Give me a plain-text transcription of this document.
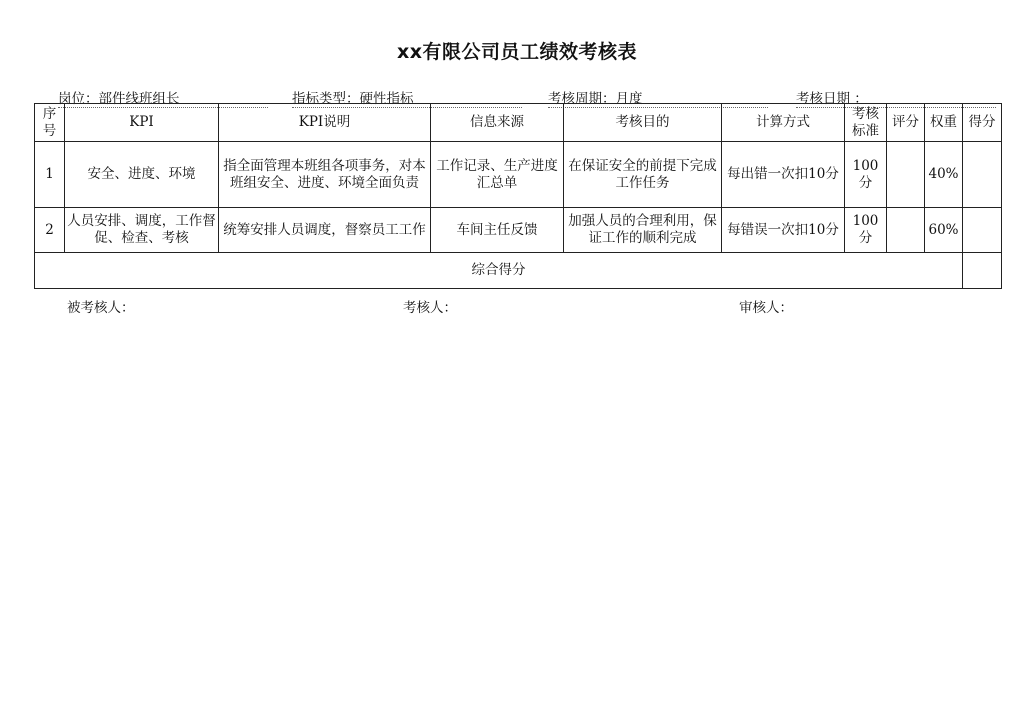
xx有限公司员工绩效考核表
岗位：部件线班组长	指标类型：硬性指标	考核周期：月度	考核日期 ：
序号	KPI	KPI说明	信息来源	考核目的	计算方式	考核标准	评分	权重	得分
1	安全、进度、环境	指全面管理本班组各项事务，对本班组安全、进度、环境全面负责	工作记录、生产进度汇总单	在保证安全的前提下完成工作任务	每出错一次扣10分	100分		40%	
2	人员安排、调度，工作督促、检查、考核	统筹安排人员调度，督察员工工作	车间主任反馈	加强人员的合理利用，保证工作的顺利完成	每错误一次扣10分	100分		60%	
综合得分									
被考核人：	考核人：	审核人：
